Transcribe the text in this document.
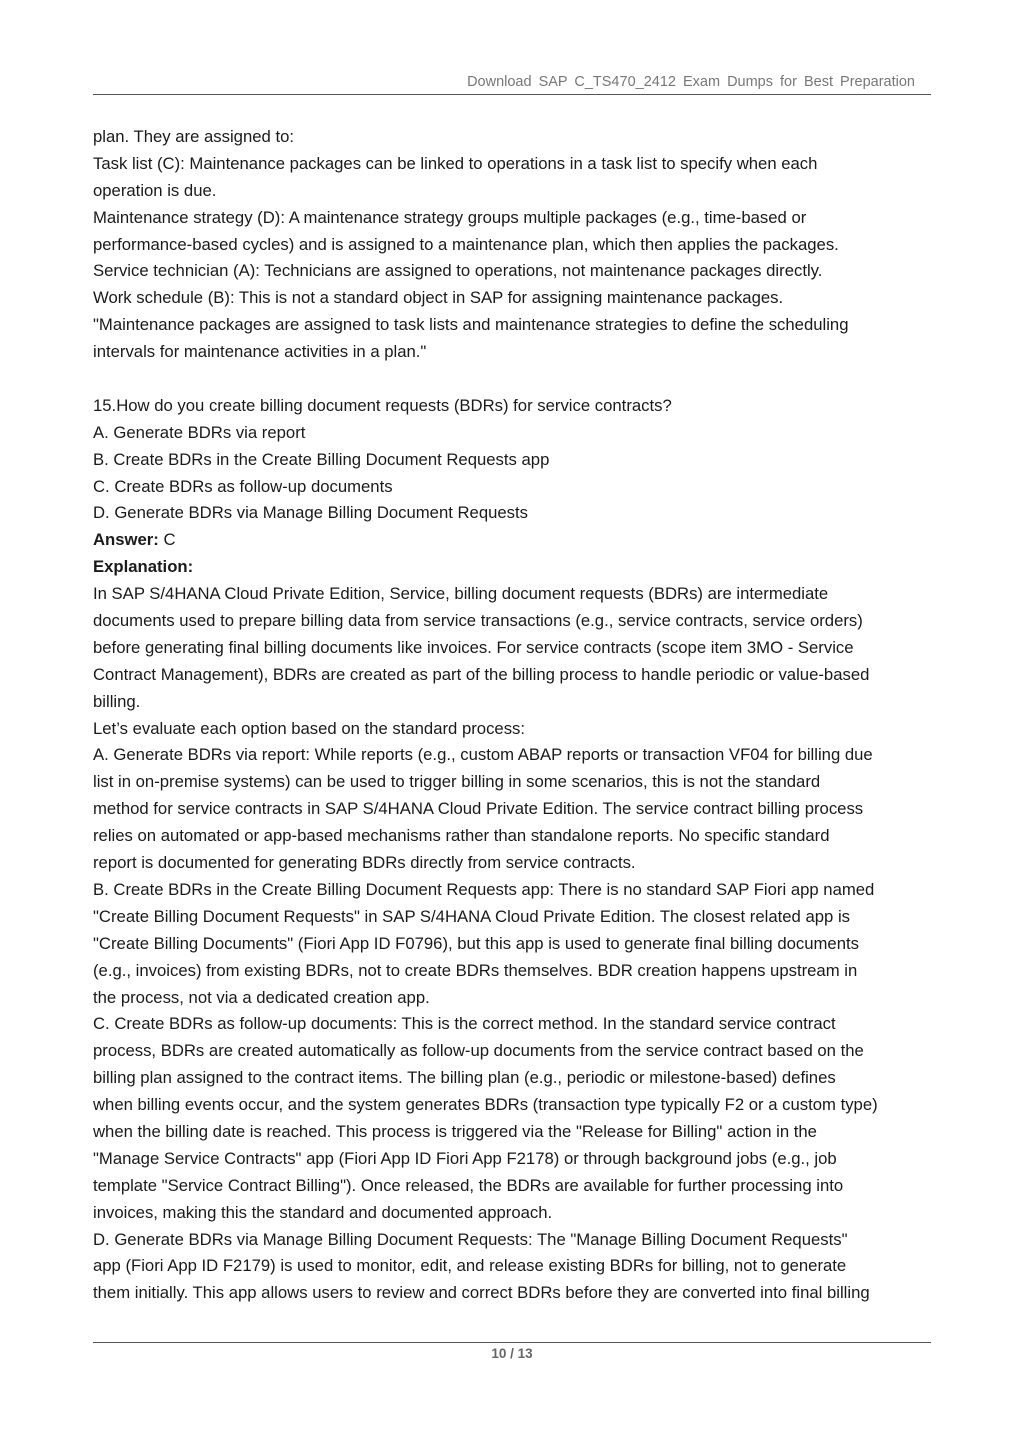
Download SAP C_TS470_2412 Exam Dumps for Best Preparation
plan. They are assigned to:
Task list (C): Maintenance packages can be linked to operations in a task list to specify when each
operation is due.
Maintenance strategy (D): A maintenance strategy groups multiple packages (e.g., time-based or
performance-based cycles) and is assigned to a maintenance plan, which then applies the packages.
Service technician (A): Technicians are assigned to operations, not maintenance packages directly.
Work schedule (B): This is not a standard object in SAP for assigning maintenance packages.
"Maintenance packages are assigned to task lists and maintenance strategies to define the scheduling
intervals for maintenance activities in a plan."
15.How do you create billing document requests (BDRs) for service contracts?
A. Generate BDRs via report
B. Create BDRs in the Create Billing Document Requests app
C. Create BDRs as follow-up documents
D. Generate BDRs via Manage Billing Document Requests
Answer: C
Explanation:
In SAP S/4HANA Cloud Private Edition, Service, billing document requests (BDRs) are intermediate
documents used to prepare billing data from service transactions (e.g., service contracts, service orders)
before generating final billing documents like invoices. For service contracts (scope item 3MO - Service
Contract Management), BDRs are created as part of the billing process to handle periodic or value-based
billing.
Let’s evaluate each option based on the standard process:
A. Generate BDRs via report: While reports (e.g., custom ABAP reports or transaction VF04 for billing due
list in on-premise systems) can be used to trigger billing in some scenarios, this is not the standard
method for service contracts in SAP S/4HANA Cloud Private Edition. The service contract billing process
relies on automated or app-based mechanisms rather than standalone reports. No specific standard
report is documented for generating BDRs directly from service contracts.
B. Create BDRs in the Create Billing Document Requests app: There is no standard SAP Fiori app named
"Create Billing Document Requests" in SAP S/4HANA Cloud Private Edition. The closest related app is
"Create Billing Documents" (Fiori App ID F0796), but this app is used to generate final billing documents
(e.g., invoices) from existing BDRs, not to create BDRs themselves. BDR creation happens upstream in
the process, not via a dedicated creation app.
C. Create BDRs as follow-up documents: This is the correct method. In the standard service contract
process, BDRs are created automatically as follow-up documents from the service contract based on the
billing plan assigned to the contract items. The billing plan (e.g., periodic or milestone-based) defines
when billing events occur, and the system generates BDRs (transaction type typically F2 or a custom type)
when the billing date is reached. This process is triggered via the "Release for Billing" action in the
"Manage Service Contracts" app (Fiori App ID Fiori App F2178) or through background jobs (e.g., job
template "Service Contract Billing"). Once released, the BDRs are available for further processing into
invoices, making this the standard and documented approach.
D. Generate BDRs via Manage Billing Document Requests: The "Manage Billing Document Requests"
app (Fiori App ID F2179) is used to monitor, edit, and release existing BDRs for billing, not to generate
them initially. This app allows users to review and correct BDRs before they are converted into final billing
10 / 13
